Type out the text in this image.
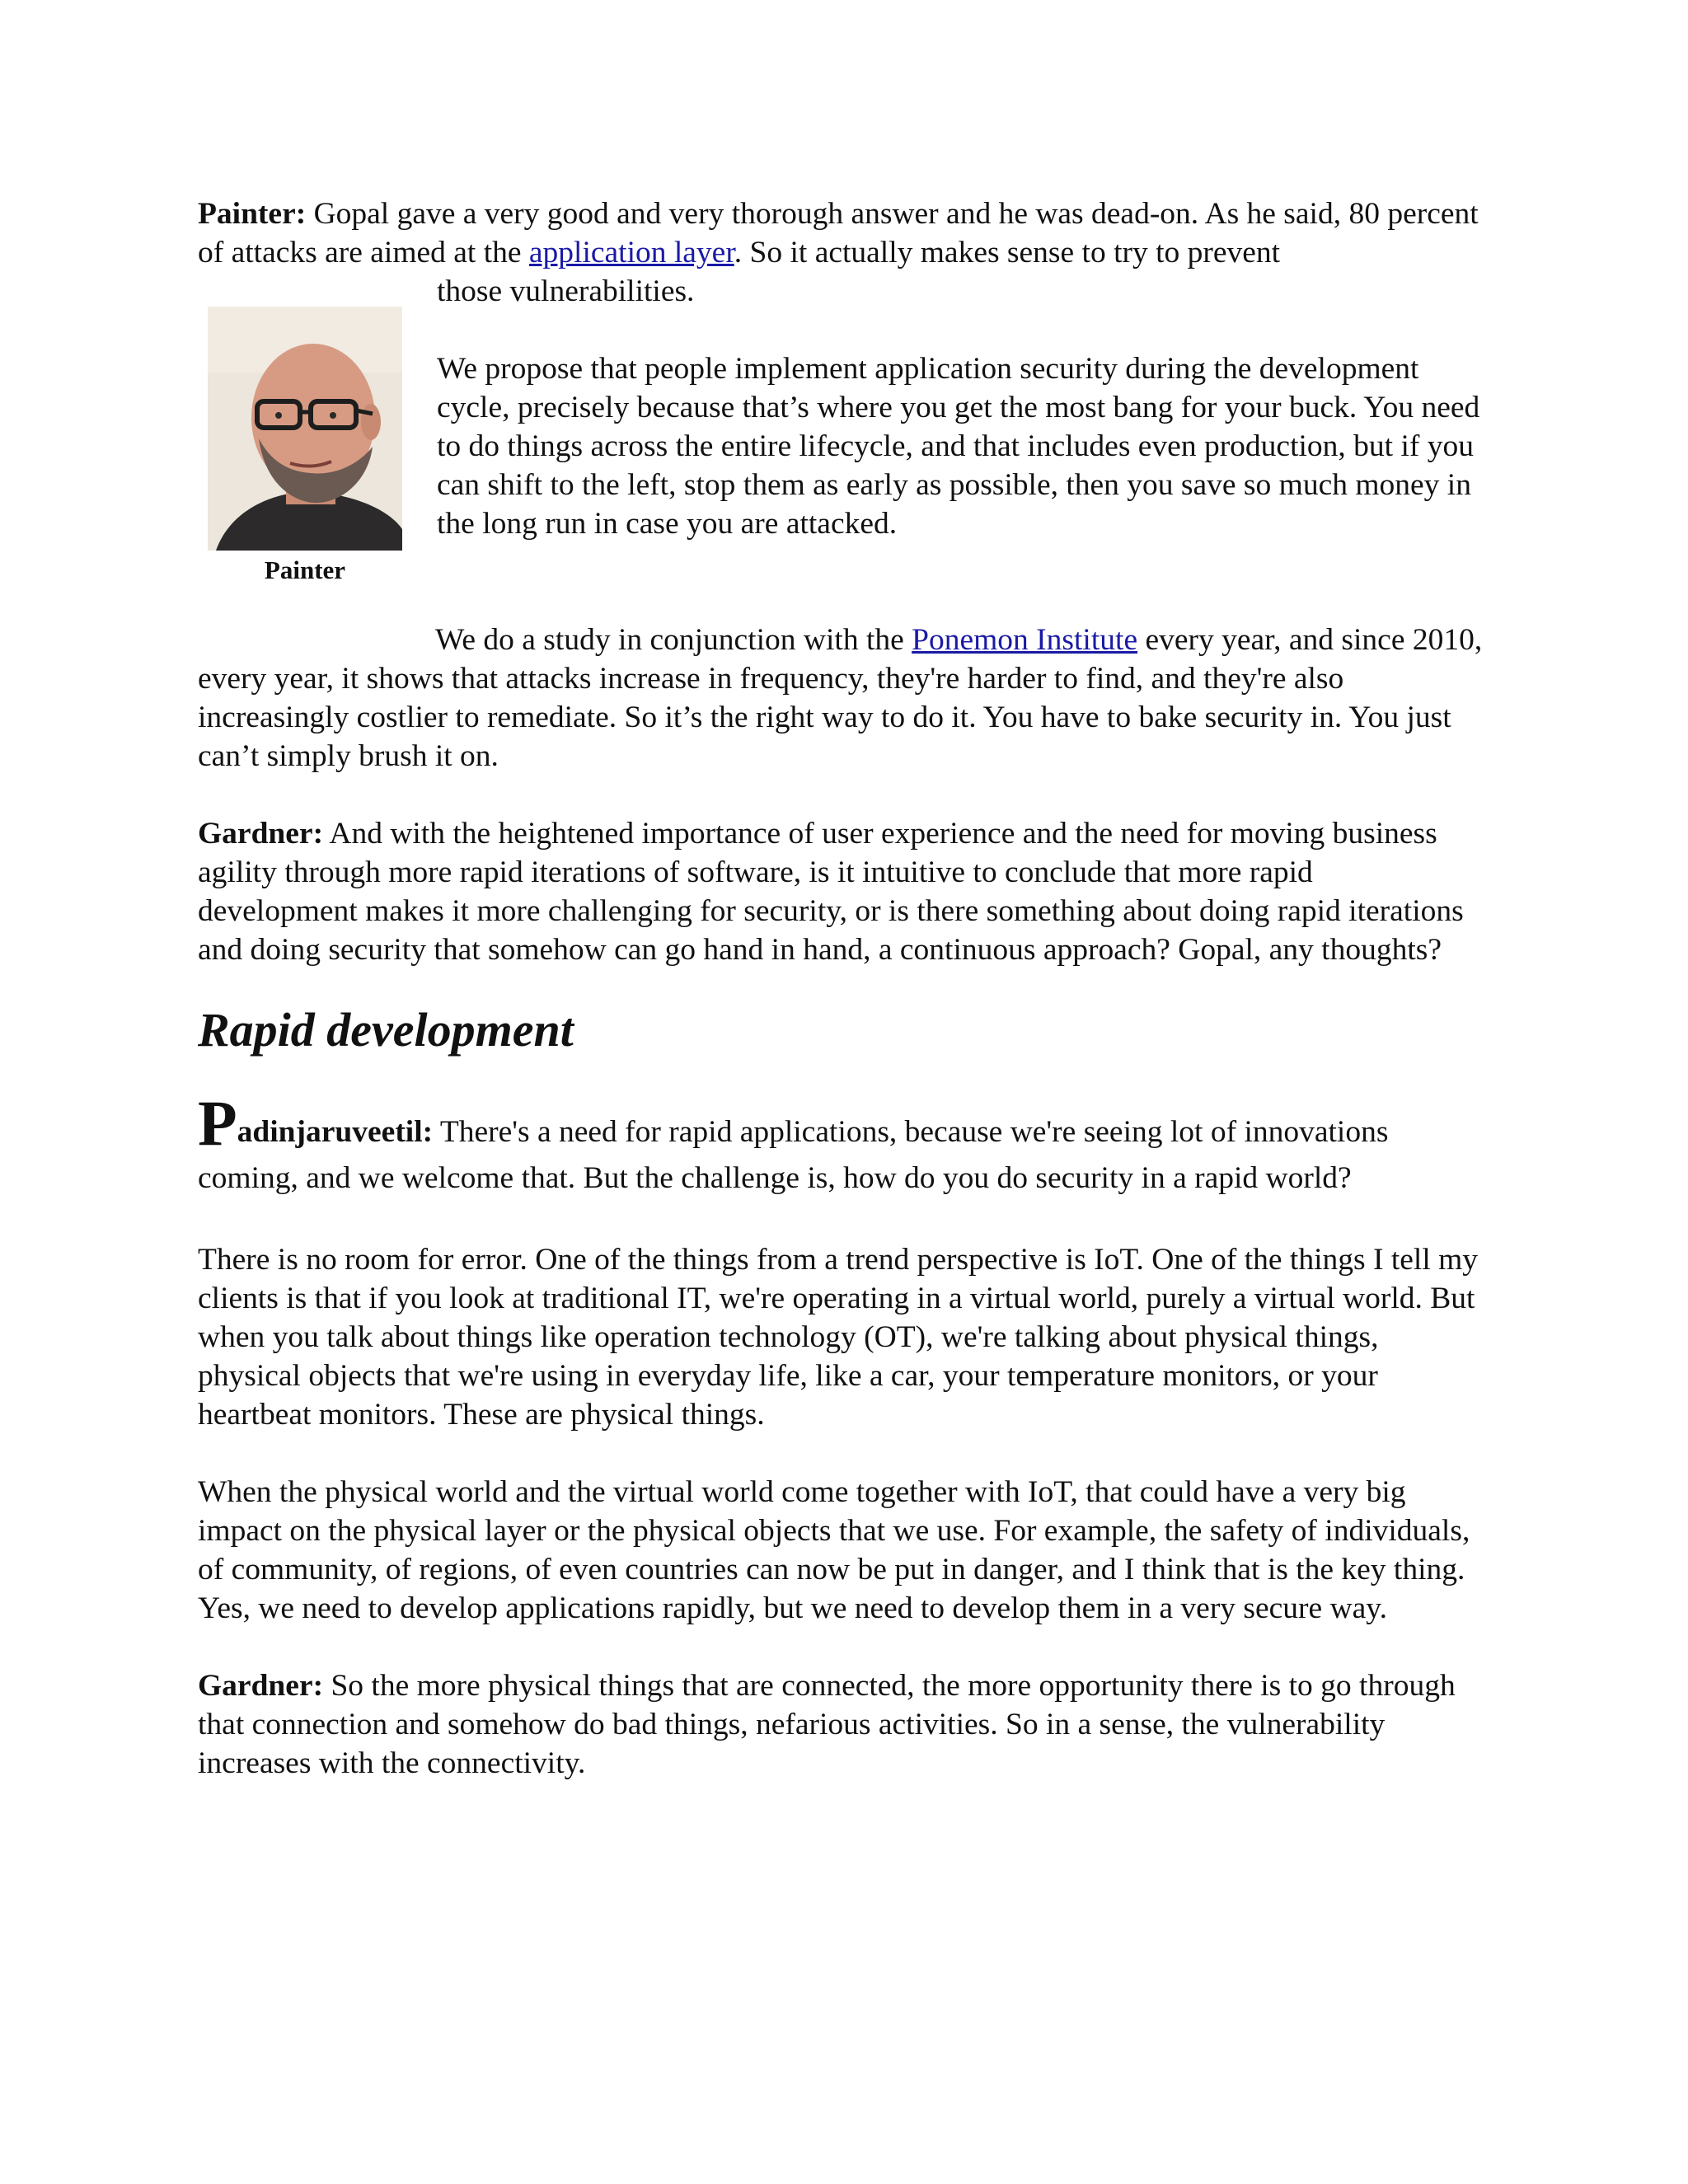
Painter: Gopal gave a very good and very thorough answer and he was dead-on. As he said, 80 percent of attacks are aimed at the application layer. So it actually makes sense to try to prevent
those vulnerabilities.

Painter

We propose that people implement application security during the development cycle, precisely because that’s where you get the most bang for your buck. You need to do things across the entire lifecycle, and that includes even production, but if you can shift to the left, stop them as early as possible, then you save so much money in the long run in case you are attacked.

We do a study in conjunction with the Ponemon Institute every year, and since 2010, every year, it shows that attacks increase in frequency, they're harder to find, and they're also increasingly costlier to remediate. So it’s the right way to do it. You have to bake security in. You just can’t simply brush it on.

Gardner: And with the heightened importance of user experience and the need for moving business agility through more rapid iterations of software, is it intuitive to conclude that more rapid development makes it more challenging for security, or is there something about doing rapid iterations and doing security that somehow can go hand in hand, a continuous approach? Gopal, any thoughts?

Rapid development

Padinjaruveetil: There's a need for rapid applications, because we're seeing lot of innovations coming, and we welcome that. But the challenge is, how do you do security in a rapid world?

There is no room for error. One of the things from a trend perspective is IoT. One of the things I tell my clients is that if you look at traditional IT, we're operating in a virtual world, purely a virtual world. But when you talk about things like operation technology (OT), we're talking about physical things, physical objects that we're using in everyday life, like a car, your temperature monitors, or your heartbeat monitors. These are physical things.

When the physical world and the virtual world come together with IoT, that could have a very big impact on the physical layer or the physical objects that we use. For example, the safety of individuals, of community, of regions, of even countries can now be put in danger, and I think that is the key thing. Yes, we need to develop applications rapidly, but we need to develop them in a very secure way.

Gardner: So the more physical things that are connected, the more opportunity there is to go through that connection and somehow do bad things, nefarious activities. So in a sense, the vulnerability increases with the connectivity.
